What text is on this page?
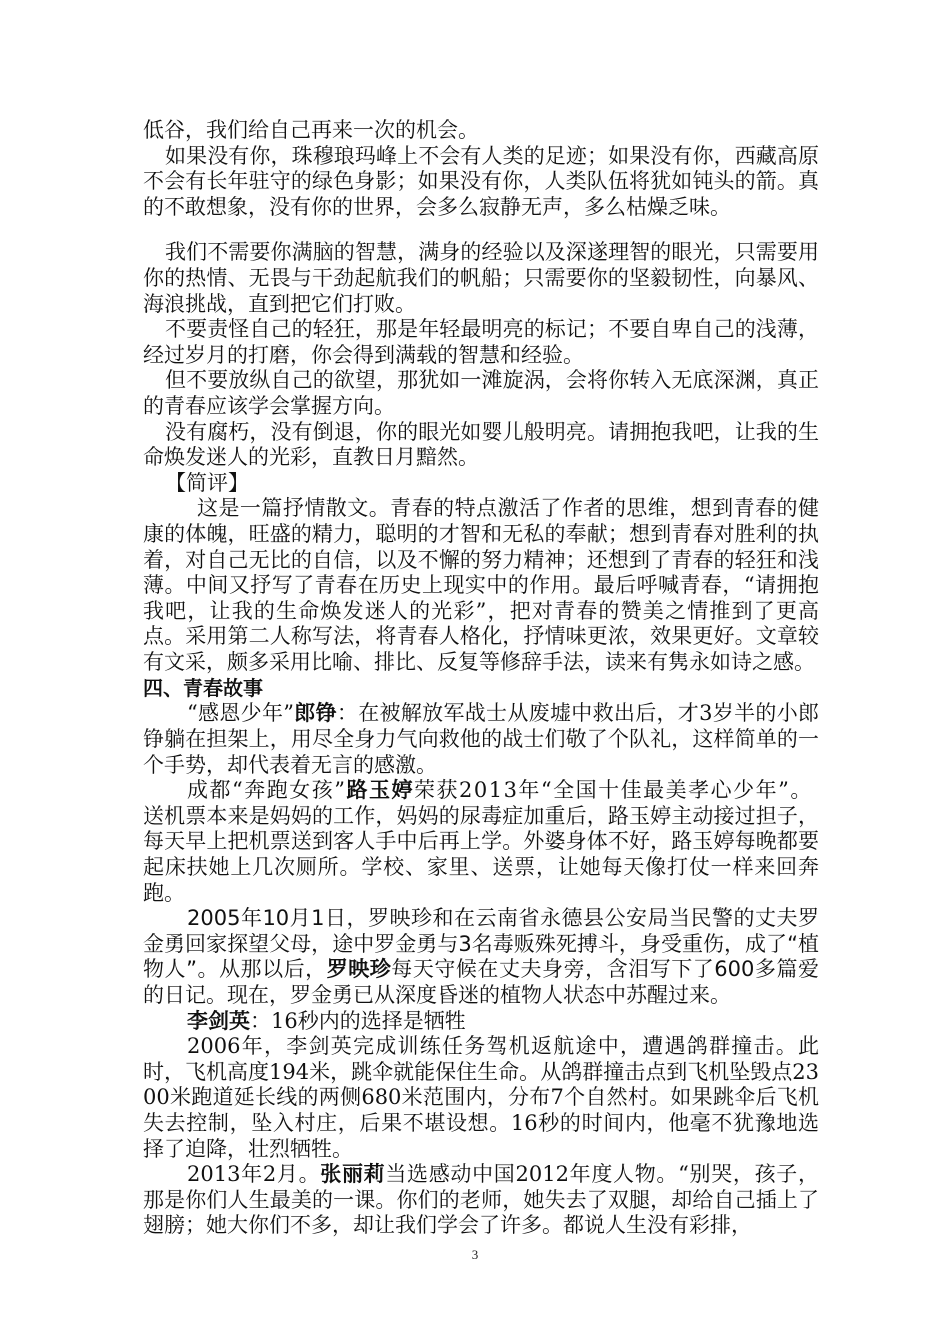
低谷，我们给自己再来一次的机会。

如果没有你，珠穆琅玛峰上不会有人类的足迹；如果没有你，西藏高原不会有长年驻守的绿色身影；如果没有你，人类队伍将犹如钝头的箭。真的不敢想象，没有你的世界，会多么寂静无声，多么枯燥乏味。

我们不需要你满脑的智慧，满身的经验以及深遂理智的眼光，只需要用你的热情、无畏与干劲起航我们的帆船；只需要你的坚毅韧性，向暴风、海浪挑战，直到把它们打败。

不要责怪自己的轻狂，那是年轻最明亮的标记；不要自卑自己的浅薄，经过岁月的打磨，你会得到满载的智慧和经验。

但不要放纵自己的欲望，那犹如一滩旋涡，会将你转入无底深渊，真正的青春应该学会掌握方向。

没有腐朽，没有倒退，你的眼光如婴儿般明亮。请拥抱我吧，让我的生命焕发迷人的光彩，直教日月黯然。

【简评】

这是一篇抒情散文。青春的特点激活了作者的思维，想到青春的健康的体魄，旺盛的精力，聪明的才智和无私的奉献；想到青春对胜利的执着，对自己无比的自信，以及不懈的努力精神；还想到了青春的轻狂和浅薄。中间又抒写了青春在历史上现实中的作用。最后呼喊青春，“请拥抱我吧，让我的生命焕发迷人的光彩”，把对青春的赞美之情推到了更高点。采用第二人称写法，将青春人格化，抒情味更浓，效果更好。文章较有文采，颇多采用比喻、排比、反复等修辞手法，读来有隽永如诗之感。

四、青春故事

“感恩少年”郎铮：在被解放军战士从废墟中救出后，才3岁半的小郎铮躺在担架上，用尽全身力气向救他的战士们敬了个队礼，这样简单的一个手势，却代表着无言的感激。

成都“奔跑女孩”路玉婷荣获2013年“全国十佳最美孝心少年”。

送机票本来是妈妈的工作，妈妈的尿毒症加重后，路玉婷主动接过担子，每天早上把机票送到客人手中后再上学。外婆身体不好，路玉婷每晚都要起床扶她上几次厕所。学校、家里、送票，让她每天像打仗一样来回奔跑。

2005年10月1日，罗映珍和在云南省永德县公安局当民警的丈夫罗金勇回家探望父母，途中罗金勇与3名毒贩殊死搏斗，身受重伤，成了“植物人”。从那以后，罗映珍每天守候在丈夫身旁，含泪写下了600多篇爱的日记。现在，罗金勇已从深度昏迷的植物人状态中苏醒过来。

李剑英：16秒内的选择是牺牲

2006年，李剑英完成训练任务驾机返航途中，遭遇鸽群撞击。此时，飞机高度194米，跳伞就能保住生命。从鸽群撞击点到飞机坠毁点2300米跑道延长线的两侧680米范围内，分布7个自然村。如果跳伞后飞机失去控制，坠入村庄，后果不堪设想。16秒的时间内，他毫不犹豫地选择了迫降，壮烈牺牲。

2013年2月。张丽莉当选感动中国2012年度人物。“别哭，孩子，那是你们人生最美的一课。你们的老师，她失去了双腿，却给自己插上了翅膀；她大你们不多，却让我们学会了许多。都说人生没有彩排，

3
